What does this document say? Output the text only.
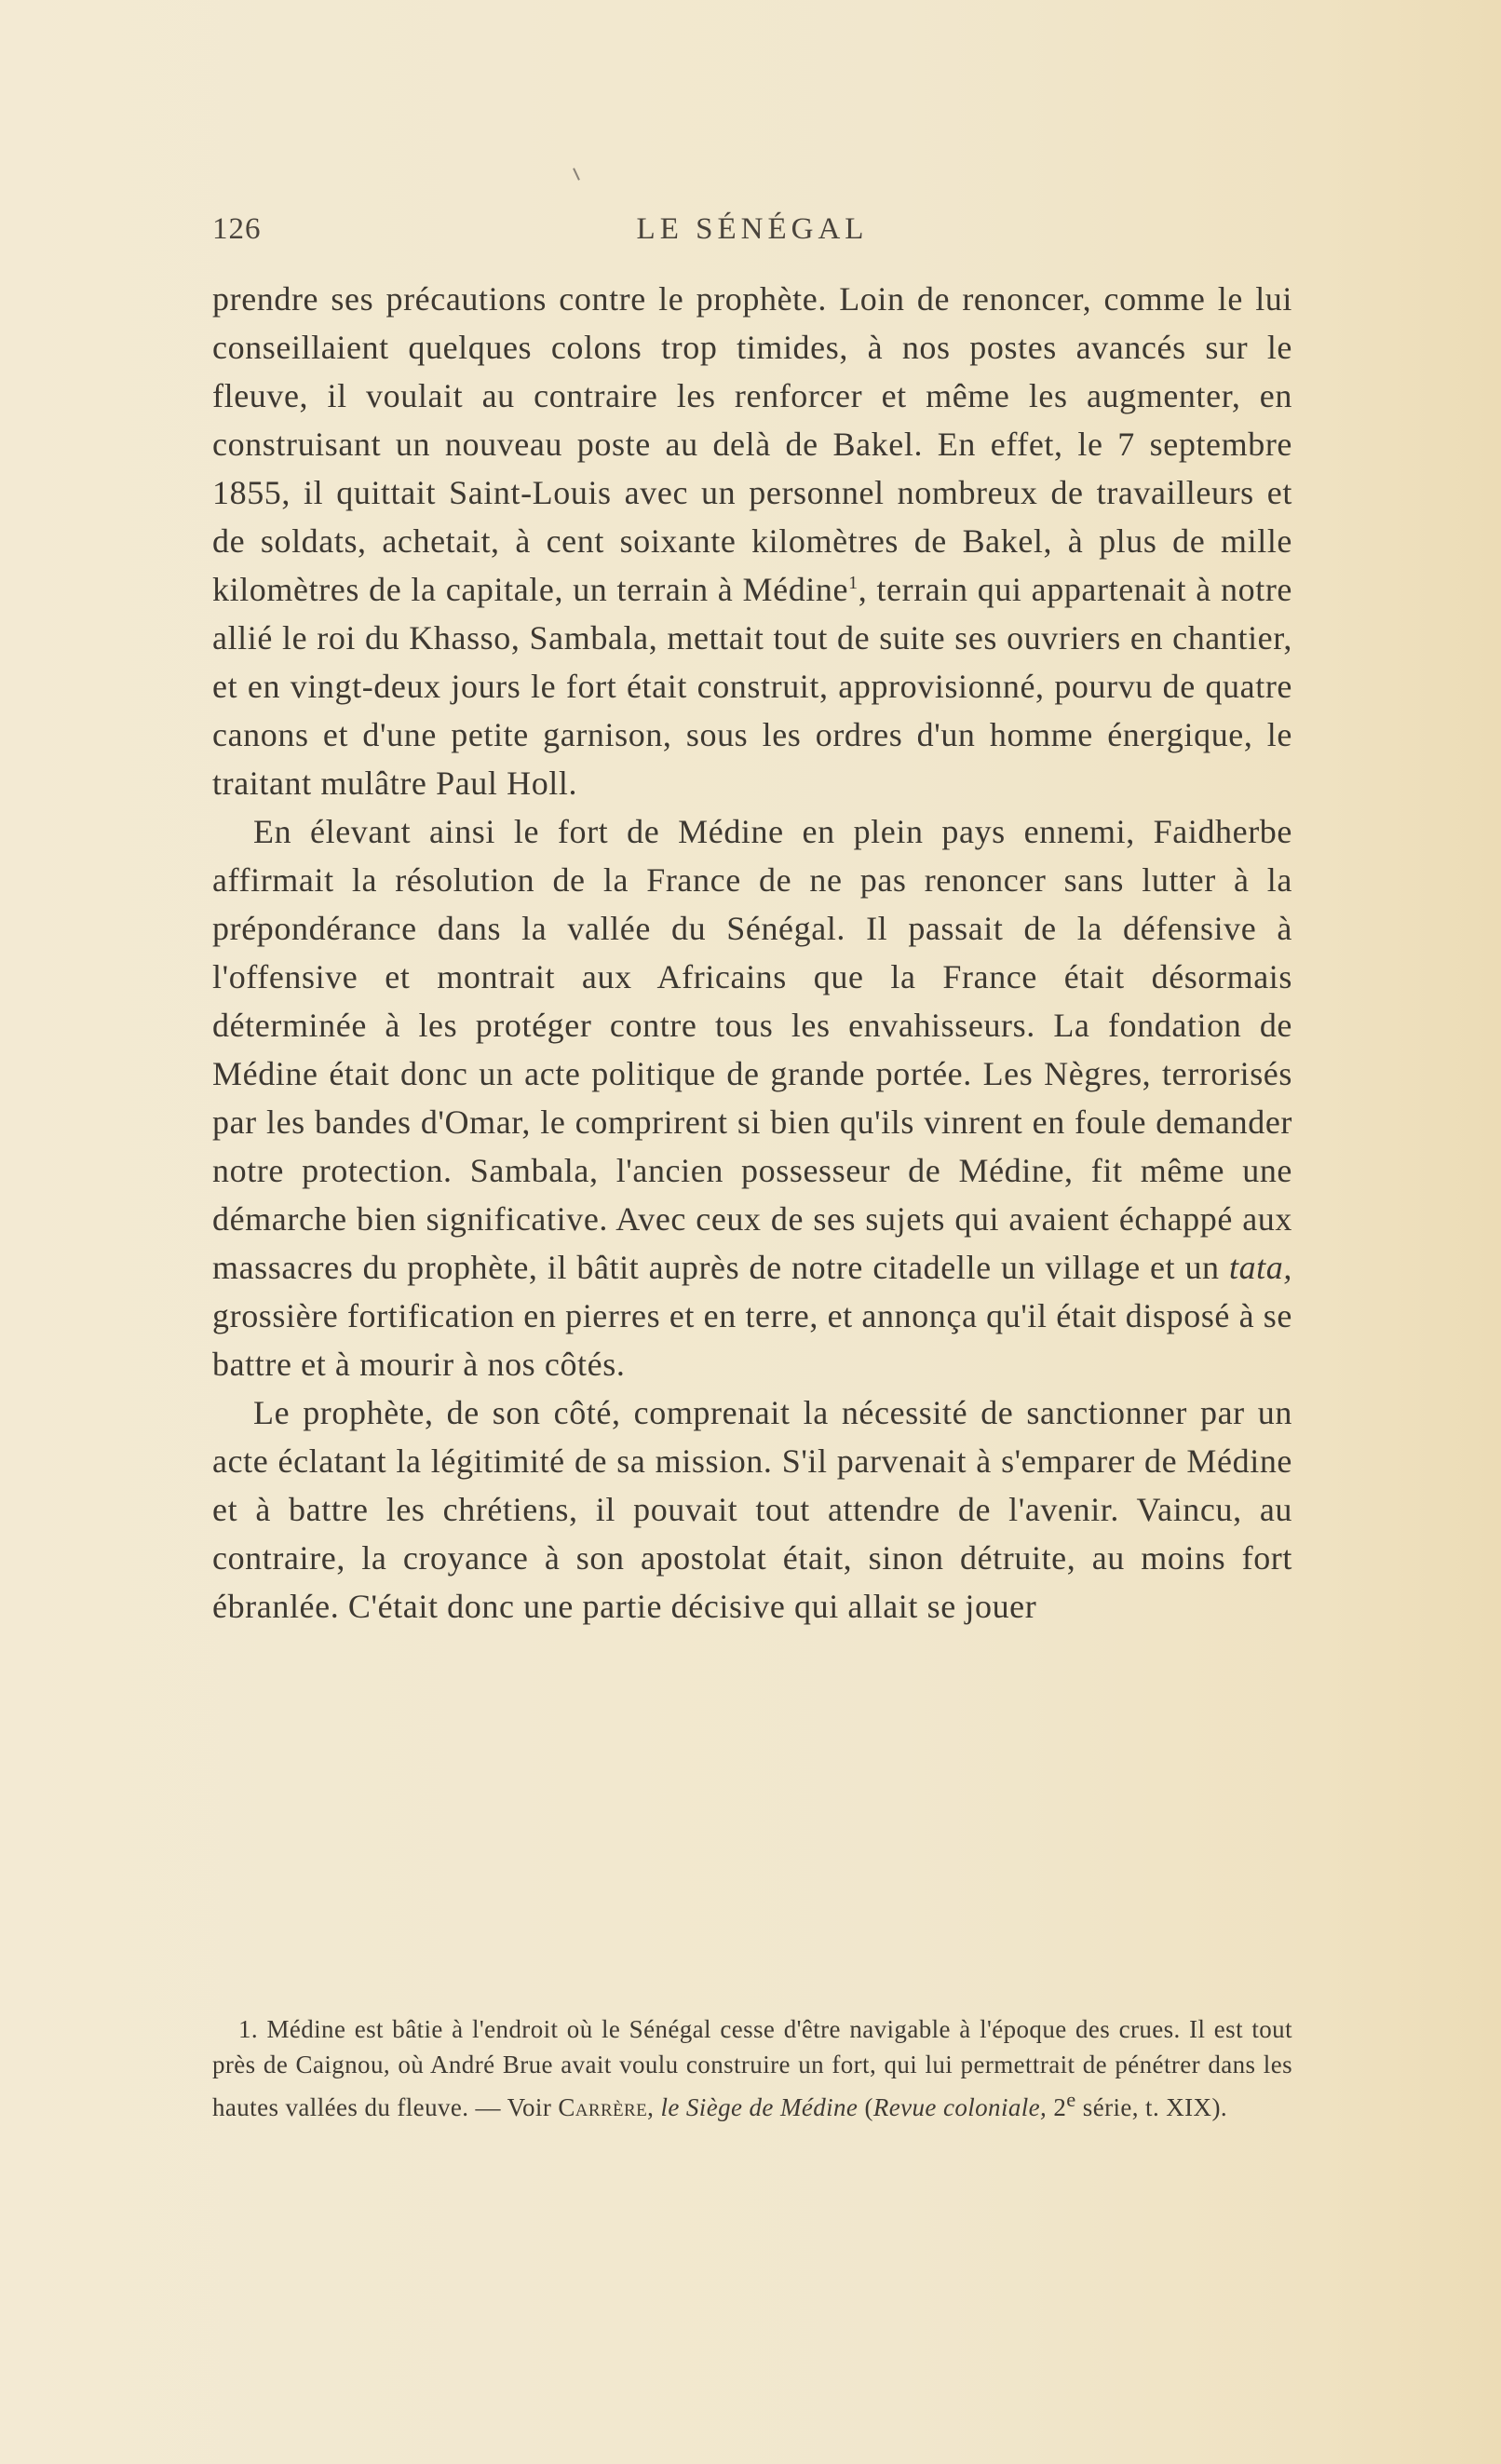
126	LE SÉNÉGAL

prendre ses précautions contre le prophète. Loin de renoncer, comme le lui conseillaient quelques colons trop timides, à nos postes avancés sur le fleuve, il voulait au contraire les renforcer et même les augmenter, en construisant un nouveau poste au delà de Bakel. En effet, le 7 septembre 1855, il quittait Saint-Louis avec un personnel nombreux de travailleurs et de soldats, achetait, à cent soixante kilomètres de Bakel, à plus de mille kilomètres de la capitale, un terrain à Médine$^1$, terrain qui appartenait à notre allié le roi du Khasso, Sambala, mettait tout de suite ses ouvriers en chantier, et en vingt-deux jours le fort était construit, approvisionné, pourvu de quatre canons et d'une petite garnison, sous les ordres d'un homme énergique, le traitant mulâtre Paul Holl.

En élevant ainsi le fort de Médine en plein pays ennemi, Faidherbe affirmait la résolution de la France de ne pas renoncer sans lutter à la prépondérance dans la vallée du Sénégal. Il passait de la défensive à l'offensive et montrait aux Africains que la France était désormais déterminée à les protéger contre tous les envahisseurs. La fondation de Médine était donc un acte politique de grande portée. Les Nègres, terrorisés par les bandes d'Omar, le comprirent si bien qu'ils vinrent en foule demander notre protection. Sambala, l'ancien possesseur de Médine, fit même une démarche bien significative. Avec ceux de ses sujets qui avaient échappé aux massacres du prophète, il bâtit auprès de notre citadelle un village et un tata, grossière fortification en pierres et en terre, et annonça qu'il était disposé à se battre et à mourir à nos côtés.

Le prophète, de son côté, comprenait la nécessité de sanctionner par un acte éclatant la légitimité de sa mission. S'il parvenait à s'emparer de Médine et à battre les chrétiens, il pouvait tout attendre de l'avenir. Vaincu, au contraire, la croyance à son apostolat était, sinon détruite, au moins fort ébranlée. C'était donc une partie décisive qui allait se jouer

1. Médine est bâtie à l'endroit où le Sénégal cesse d'être navigable à l'époque des crues. Il est tout près de Caignou, où André Brue avait voulu construire un fort, qui lui permettrait de pénétrer dans les hautes vallées du fleuve. — Voir Carrère, le Siège de Médine (Revue coloniale, 2e série, t. XIX).
